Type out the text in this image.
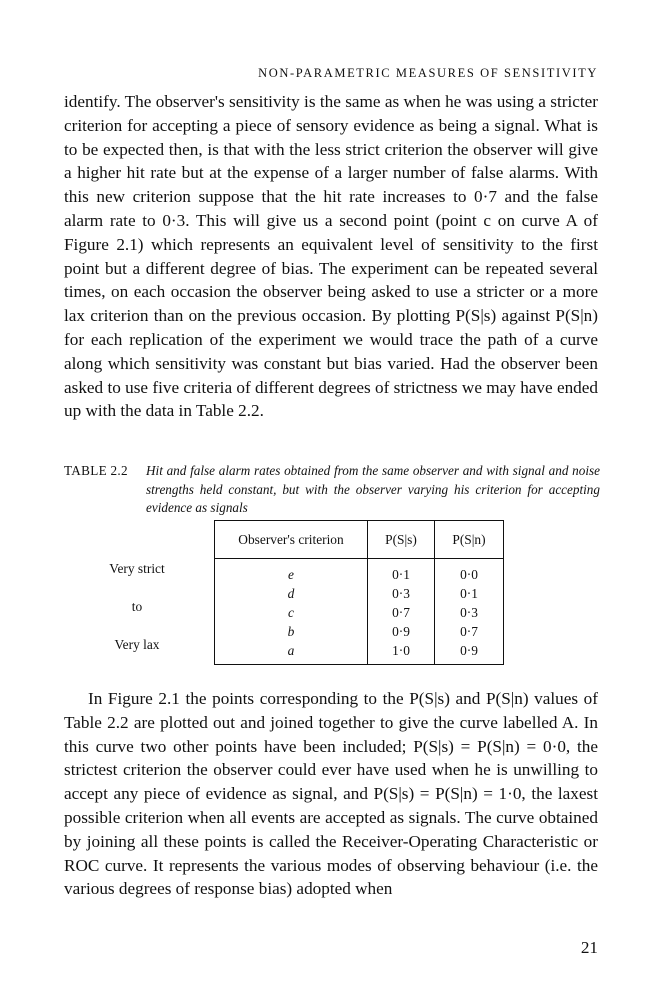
NON-PARAMETRIC MEASURES OF SENSITIVITY

identify. The observer's sensitivity is the same as when he was using a stricter criterion for accepting a piece of sensory evidence as being a signal. What is to be expected then, is that with the less strict criterion the observer will give a higher hit rate but at the expense of a larger number of false alarms. With this new criterion suppose that the hit rate increases to 0·7 and the false alarm rate to 0·3. This will give us a second point (point c on curve A of Figure 2.1) which represents an equivalent level of sensitivity to the first point but a different degree of bias. The experiment can be repeated several times, on each occasion the observer being asked to use a stricter or a more lax criterion than on the previous occasion. By plotting P(S|s) against P(S|n) for each replication of the experiment we would trace the path of a curve along which sensitivity was constant but bias varied. Had the observer been asked to use five criteria of different degrees of strictness we may have ended up with the data in Table 2.2.

TABLE 2.2	Hit and false alarm rates obtained from the same observer and with signal and noise strengths held constant, but with the observer varying his criterion for accepting evidence as signals
Very strict
to
Very lax
Observer's criterion	P(S|s)	P(S|n)
e	0·1	0·0
d	0·3	0·1
c	0·7	0·3
b	0·9	0·7
a	1·0	0·9

In Figure 2.1 the points corresponding to the P(S|s) and P(S|n) values of Table 2.2 are plotted out and joined together to give the curve labelled A. In this curve two other points have been included; P(S|s) = P(S|n) = 0·0, the strictest criterion the observer could ever have used when he is unwilling to accept any piece of evidence as signal, and P(S|s) = P(S|n) = 1·0, the laxest possible criterion when all events are accepted as signals. The curve obtained by joining all these points is called the Receiver-Operating Characteristic or ROC curve. It represents the various modes of observing behaviour (i.e. the various degrees of response bias) adopted when

21
